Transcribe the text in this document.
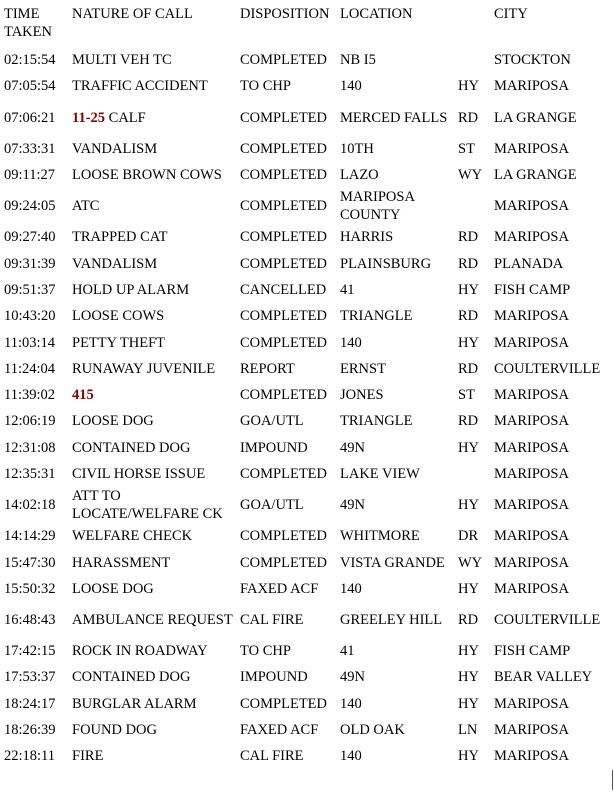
TIME TAKEN	NATURE OF CALL	DISPOSITION	LOCATION		CITY
02:15:54	MULTI VEH TC	COMPLETED	NB I5		STOCKTON
07:05:54	TRAFFIC ACCIDENT	TO CHP	140	HY	MARIPOSA
07:06:21	11-25 CALF	COMPLETED	MERCED FALLS	RD	LA GRANGE
07:33:31	VANDALISM	COMPLETED	10TH	ST	MARIPOSA
09:11:27	LOOSE BROWN COWS	COMPLETED	LAZO	WY	LA GRANGE
09:24:05	ATC	COMPLETED	MARIPOSA COUNTY		MARIPOSA
09:27:40	TRAPPED CAT	COMPLETED	HARRIS	RD	MARIPOSA
09:31:39	VANDALISM	COMPLETED	PLAINSBURG	RD	PLANADA
09:51:37	HOLD UP ALARM	CANCELLED	41	HY	FISH CAMP
10:43:20	LOOSE COWS	COMPLETED	TRIANGLE	RD	MARIPOSA
11:03:14	PETTY THEFT	COMPLETED	140	HY	MARIPOSA
11:24:04	RUNAWAY JUVENILE	REPORT	ERNST	RD	COULTERVILLE
11:39:02	415	COMPLETED	JONES	ST	MARIPOSA
12:06:19	LOOSE DOG	GOA/UTL	TRIANGLE	RD	MARIPOSA
12:31:08	CONTAINED DOG	IMPOUND	49N	HY	MARIPOSA
12:35:31	CIVIL HORSE ISSUE	COMPLETED	LAKE VIEW		MARIPOSA
14:02:18	ATT TO LOCATE/WELFARE CK	GOA/UTL	49N	HY	MARIPOSA
14:14:29	WELFARE CHECK	COMPLETED	WHITMORE	DR	MARIPOSA
15:47:30	HARASSMENT	COMPLETED	VISTA GRANDE	WY	MARIPOSA
15:50:32	LOOSE DOG	FAXED ACF	140	HY	MARIPOSA
16:48:43	AMBULANCE REQUEST	CAL FIRE	GREELEY HILL	RD	COULTERVILLE
17:42:15	ROCK IN ROADWAY	TO CHP	41	HY	FISH CAMP
17:53:37	CONTAINED DOG	IMPOUND	49N	HY	BEAR VALLEY
18:24:17	BURGLAR ALARM	COMPLETED	140	HY	MARIPOSA
18:26:39	FOUND DOG	FAXED ACF	OLD OAK	LN	MARIPOSA
22:18:11	FIRE	CAL FIRE	140	HY	MARIPOSA
